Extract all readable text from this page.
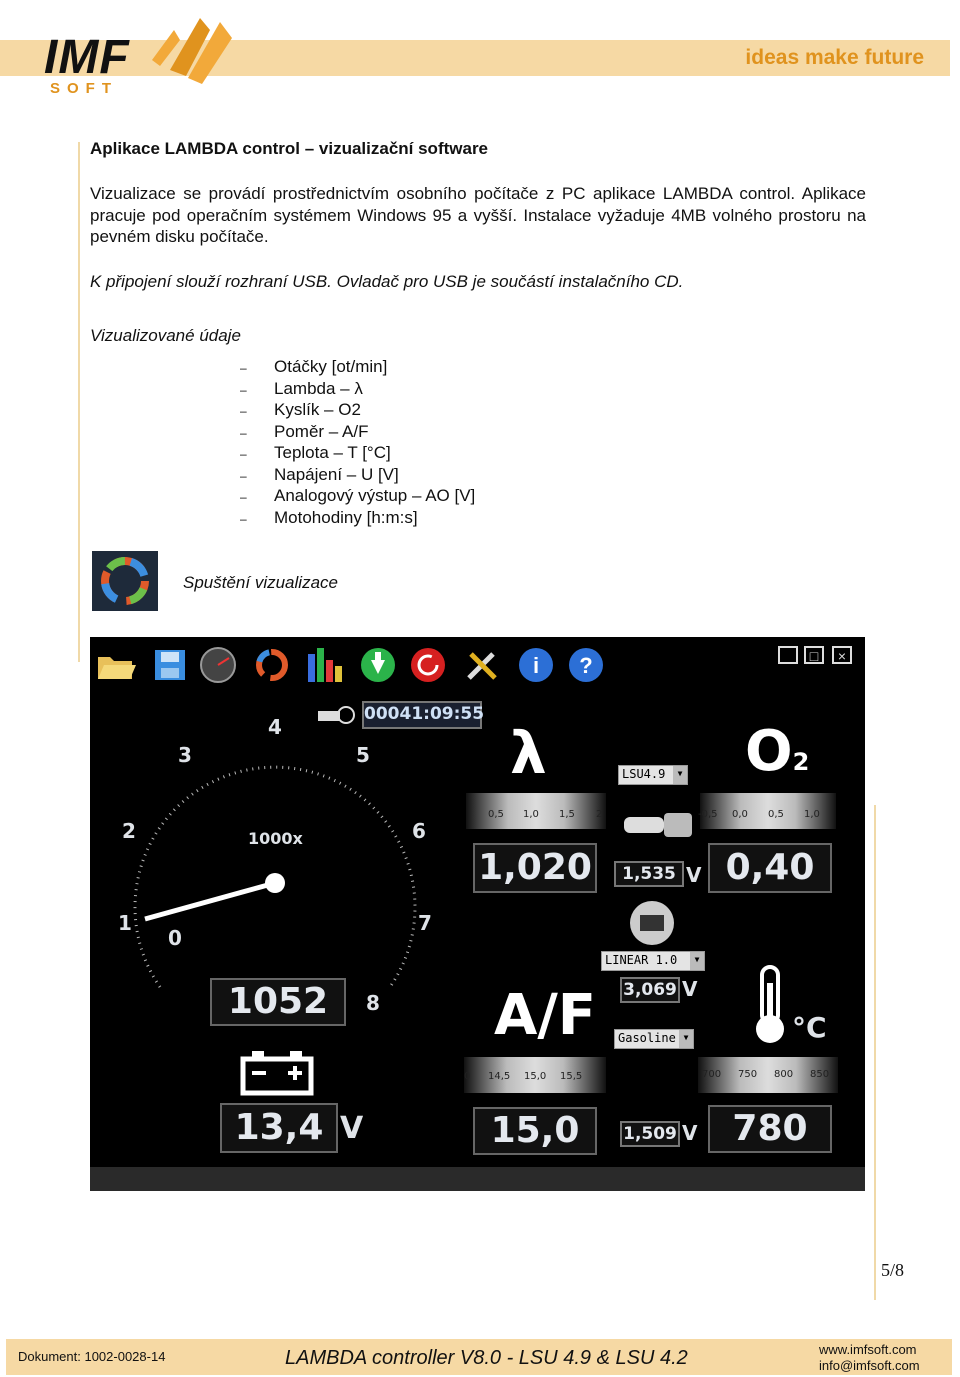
IMF
SOFT
ideas make future
Aplikace LAMBDA control – vizualizační software
Vizualizace se provádí prostřednictvím osobního počítače z PC aplikace LAMBDA control. Aplikace pracuje pod operačním systémem Windows 95 a vyšší. Instalace vyžaduje 4MB volného prostoru na pevném disku počítače.
K připojení slouží rozhraní USB. Ovladač pro USB je součástí instalačního CD.
Vizualizované údaje
– Otáčky [ot/min]
– Lambda – λ
– Kyslík – O2
– Poměr – A/F
– Teplota – T [°C]
– Napájení – U [V]
– Analogový výstup – AO [V]
– Motohodiny [h:m:s]
Spuštění vizualizace
i ?	_	□	×
00041:09:55
0
1
2
3
4
5
6
7
8
1000x
1052
13,4 V
λ
0,5 1,0 1,5 2
1,020
LSU4.9	▼
1,535 V
LINEAR 1.0	▼
3,069 V
Gasoline ▼
1,509 V
O2
-0,5 0,0 0,5 1,0
0,40
A/F
0 14,5 15,0 15,5
15,0
°C
700 750 800 850
780
5/8
Dokument: 1002-0028-14	LAMBDA controller V8.0 - LSU 4.9 & LSU 4.2	www.imfsoft.com
info@imfsoft.com
